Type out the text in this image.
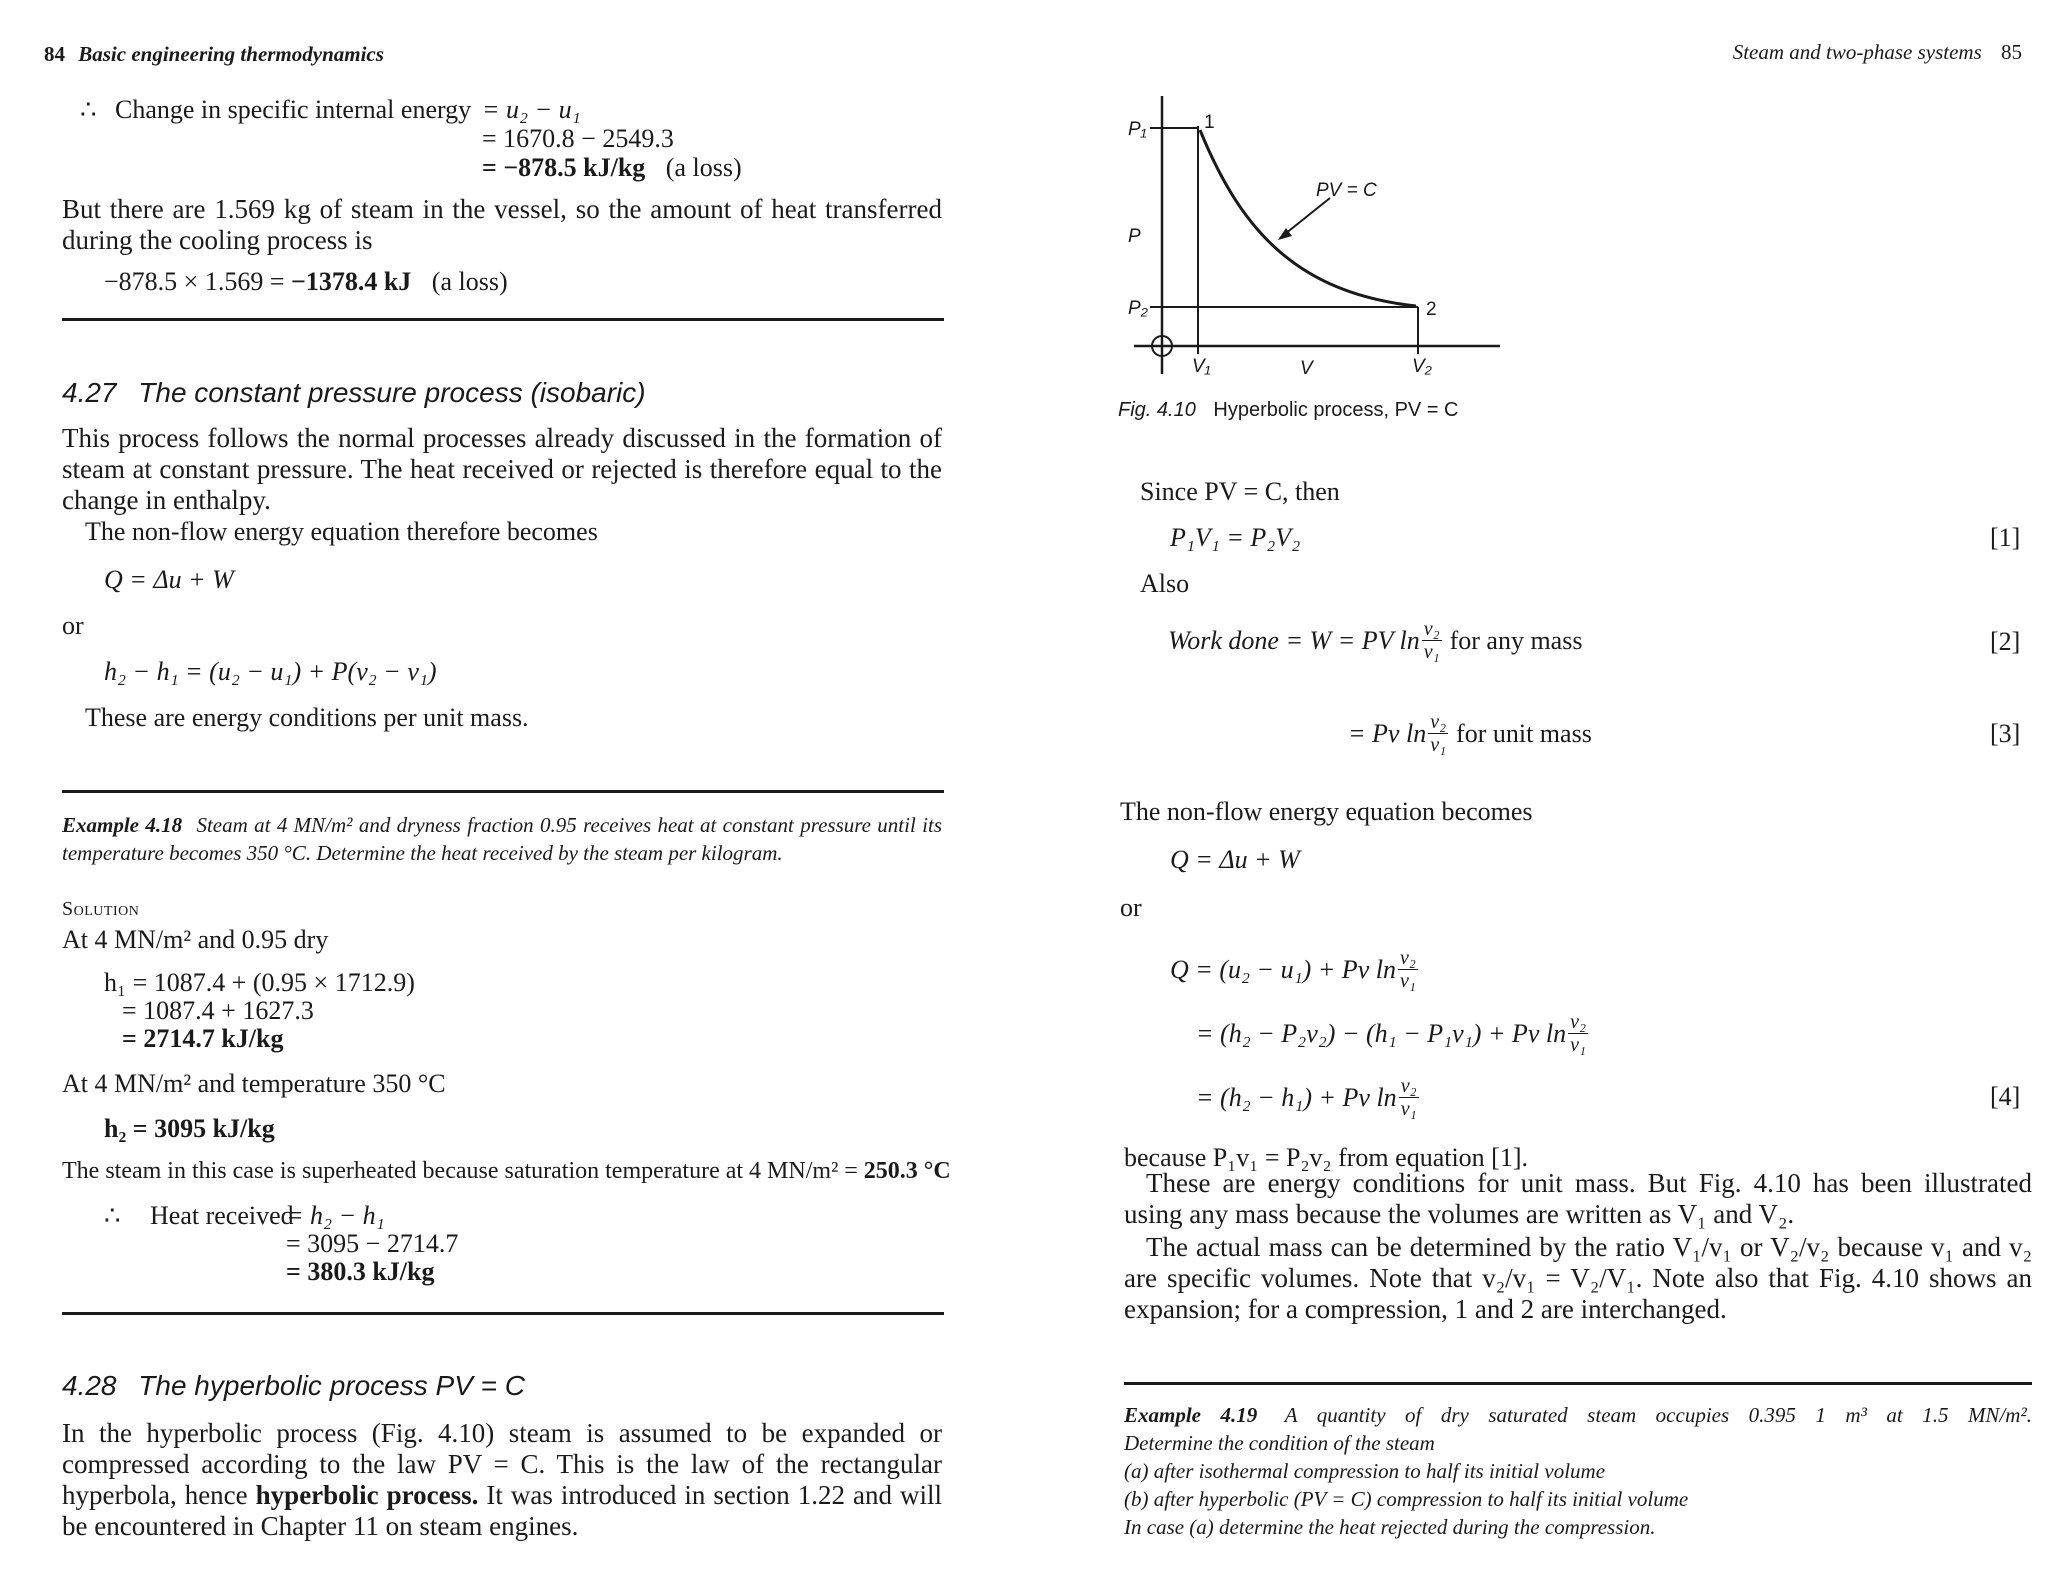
84 Basic engineering thermodynamics
∴ Change in specific internal energy = u₂ − u₁
= 1670.8 − 2549.3
= −878.5 kJ/kg (a loss)
But there are 1.569 kg of steam in the vessel, so the amount of heat transferred during the cooling process is
−878.5 × 1.569 = −1378.4 kJ (a loss)
4.27 The constant pressure process (isobaric)
This process follows the normal processes already discussed in the formation of steam at constant pressure. The heat received or rejected is therefore equal to the change in enthalpy.
The non-flow energy equation therefore becomes
Q = Δu + W
or
h₂ − h₁ = (u₂ − u₁) + P(v₂ − v₁)
These are energy conditions per unit mass.
Example 4.18 Steam at 4 MN/m² and dryness fraction 0.95 receives heat at constant pressure until its temperature becomes 350 °C. Determine the heat received by the steam per kilogram.
Solution
At 4 MN/m² and 0.95 dry
h₁ = 1087.4 + (0.95 × 1712.9)
= 1087.4 + 1627.3
= 2714.7 kJ/kg
At 4 MN/m² and temperature 350 °C
h₂ = 3095 kJ/kg
The steam in this case is superheated because saturation temperature at 4 MN/m² = 250.3 °C
∴ Heat received
= h₂ − h₁
= 3095 − 2714.7
= 380.3 kJ/kg
4.28 The hyperbolic process PV = C
In the hyperbolic process (Fig. 4.10) steam is assumed to be expanded or compressed according to the law PV = C. This is the law of the rectangular hyperbola, hence hyperbolic process. It was introduced in section 1.22 and will be encountered in Chapter 11 on steam engines.
Steam and two-phase systems 85
P₁	1
P
P₂	2
V₁	V	V₂
PV = C
Fig. 4.10 Hyperbolic process, PV = C
Since PV = C, then
P₁V₁ = P₂V₂	[1]
Also
Work done = W = PV $\ln \frac{\text{v₂}}{\text{v₁}}$ for any mass	[2]
= Pv $\ln \frac{\text{v₂}}{\text{v₁}}$ for unit mass	[3]
The non-flow energy equation becomes
Q = Δu + W
or
Q = (u₂ − u₁) + Pv $\ln \frac{\text{v₂}}{\text{v₁}}$
= (h₂ − P₂v₂) − (h₁ − P₁v₁) + Pv $\ln \frac{\text{v₂}}{\text{v₁}}$
= (h₂ − h₁) + Pv $\ln \frac{\text{v₂}}{\text{v₁}}$	[4]
because P₁v₁ = P₂v₂ from equation [1].
These are energy conditions for unit mass. But Fig. 4.10 has been illustrated using any mass because the volumes are written as V₁ and V₂.
The actual mass can be determined by the ratio V₁/v₁ or V₂/v₂ because v₁ and v₂ are specific volumes. Note that v₂/v₁ = V₂/V₁. Note also that Fig. 4.10 shows an expansion; for a compression, 1 and 2 are interchanged.
Example 4.19 A quantity of dry saturated steam occupies 0.395 1 m³ at 1.5 MN/m².
Determine the condition of the steam
(a) after isothermal compression to half its initial volume
(b) after hyperbolic (PV = C) compression to half its initial volume
In case (a) determine the heat rejected during the compression.
